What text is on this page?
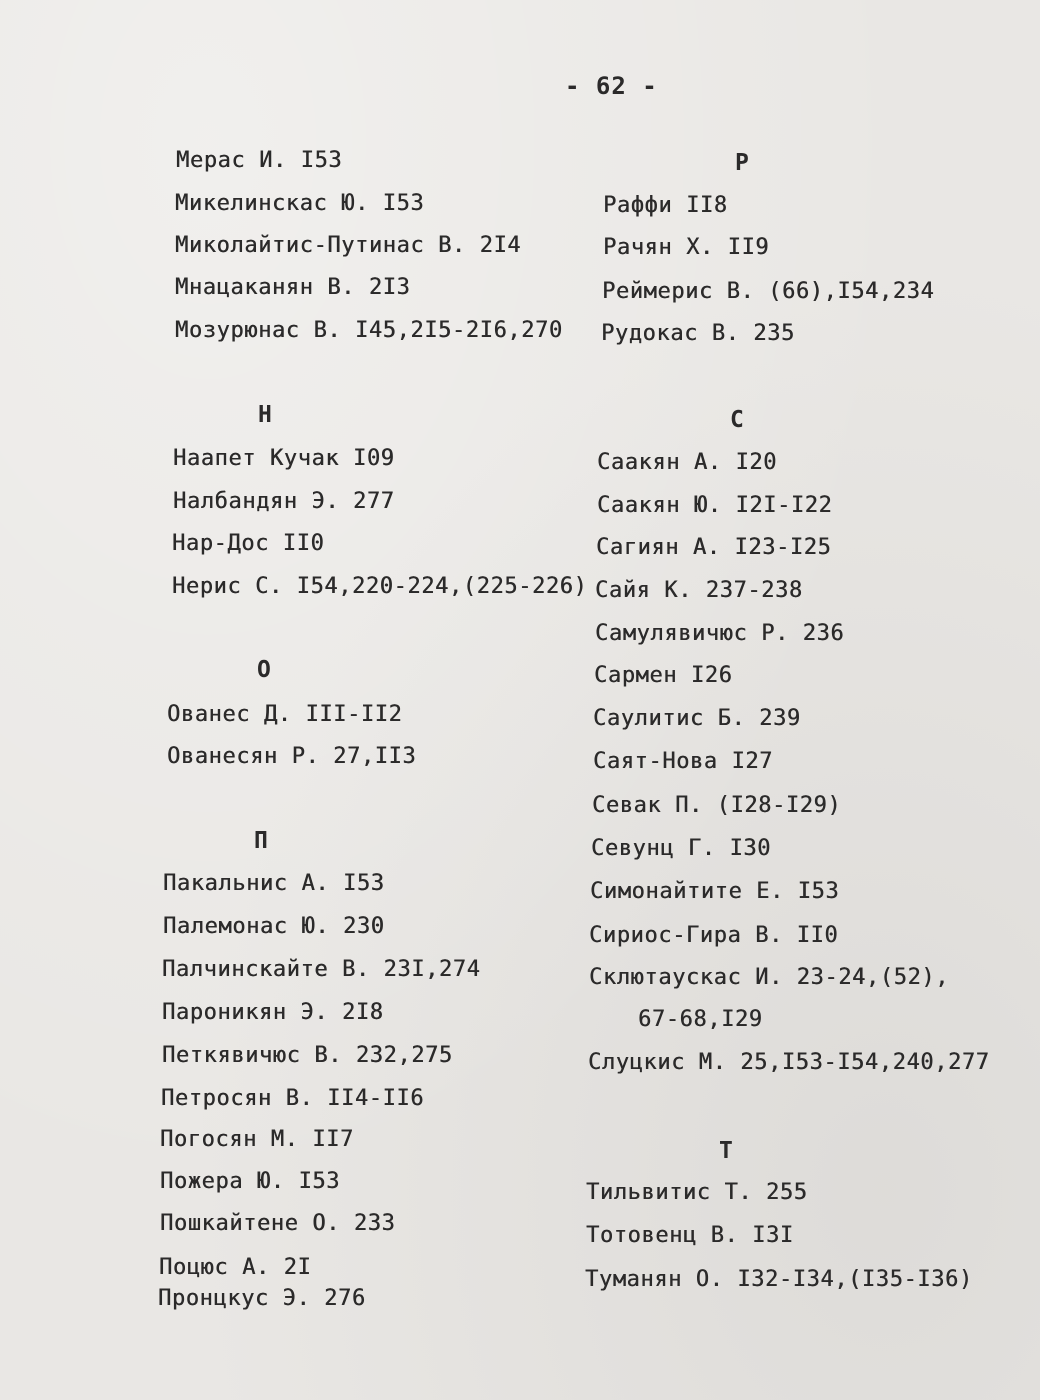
- 62 -
Мерас И. I53
Микелинскас Ю. I53
Миколайтис-Путинас В. 2I4
Мнацаканян В. 2I3
Мозурюнас В. I45,2I5-2I6,270
Н
Наапет Кучак I09
Налбандян Э. 277
Нар-Дос II0
Нерис С. I54,220-224,(225-226)
О
Ованес Д. III-II2
Ованесян Р. 27,II3
П
Пакальнис А. I53
Палемонас Ю. 230
Палчинскайте В. 23I,274
Пароникян Э. 2I8
Петкявичюс В. 232,275
Петросян В. II4-II6
Погосян М. II7
Пожера Ю. I53
Пошкайтене О. 233
Поцюс А. 2I
Пронцкус Э. 276
Р
Раффи II8
Рачян Х. II9
Реймерис В. (66),I54,234
Рудокас В. 235
С
Саакян А. I20
Саакян Ю. I2I-I22
Сагиян А. I23-I25
Сайя К. 237-238
Самулявичюс Р. 236
Сармен I26
Саулитис Б. 239
Саят-Нова I27
Севак П. (I28-I29)
Севунц Г. I30
Симонайтите Е. I53
Сириос-Гира В. II0
Склютаускас И. 23-24,(52),
67-68,I29
Слуцкис М. 25,I53-I54,240,277
Т
Тильвитис Т. 255
Тотовенц В. I3I
Туманян О. I32-I34,(I35-I36)
